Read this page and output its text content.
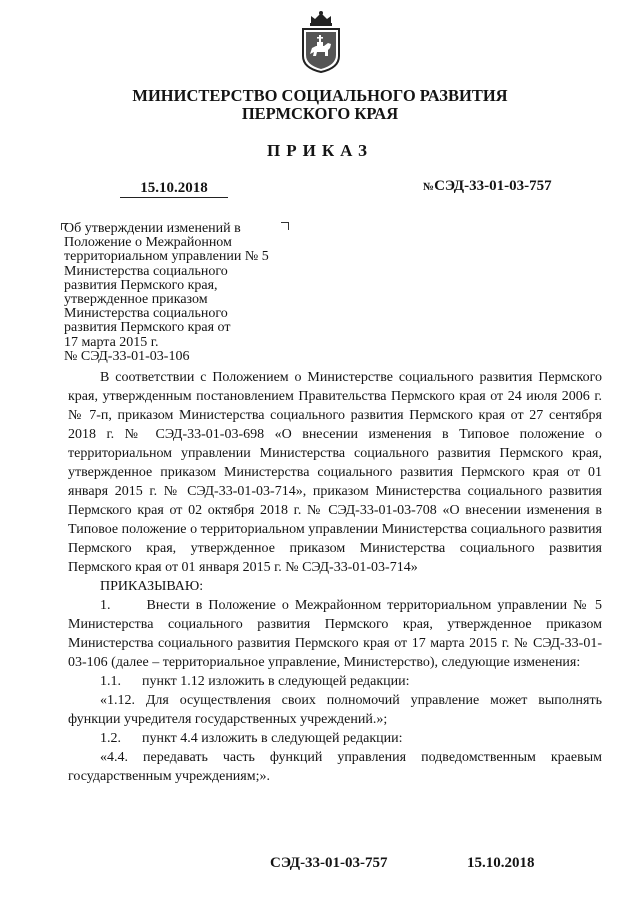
МИНИСТЕРСТВО СОЦИАЛЬНОГО РАЗВИТИЯ
ПЕРМСКОГО КРАЯ
ПРИКАЗ
15.10.2018	№СЭД-33-01-03-757
Об утверждении изменений в
Положение о Межрайонном
территориальном управлении № 5
Министерства социального
развития Пермского края,
утвержденное приказом
Министерства социального
развития Пермского края от
17 марта 2015 г.
№ СЭД-33-01-03-106

В соответствии с Положением о Министерстве социального развития Пермского края, утвержденным постановлением Правительства Пермского края от 24 июля 2006 г. № 7-п, приказом Министерства социального развития Пермского края от 27 сентября 2018 г. № СЭД-33-01-03-698 «О внесении изменения в Типовое положение о территориальном управлении Министерства социального развития Пермского края, утвержденное приказом Министерства социального развития Пермского края от 01 января 2015 г. № СЭД-33-01-03-714», приказом Министерства социального развития Пермского края от 02 октября 2018 г. № СЭД-33-01-03-708 «О внесении изменения в Типовое положение о территориальном управлении Министерства социального развития Пермского края, утвержденное приказом Министерства социального развития Пермского края от 01 января 2015 г. № СЭД-33-01-03-714»

ПРИКАЗЫВАЮ:

1.      Внести в Положение о Межрайонном территориальном управлении № 5 Министерства социального развития Пермского края, утвержденное приказом Министерства социального развития Пермского края от 17 марта 2015 г. № СЭД-33-01-03-106 (далее – территориальное управление, Министерство), следующие изменения:

1.1.      пункт 1.12 изложить в следующей редакции:

«1.12. Для осуществления своих полномочий управление может выполнять функции учредителя государственных учреждений.»;

1.2.      пункт 4.4 изложить в следующей редакции:

«4.4. передавать часть функций управления подведомственным краевым государственным учреждениям;».

СЭД-33-01-03-757	15.10.2018
